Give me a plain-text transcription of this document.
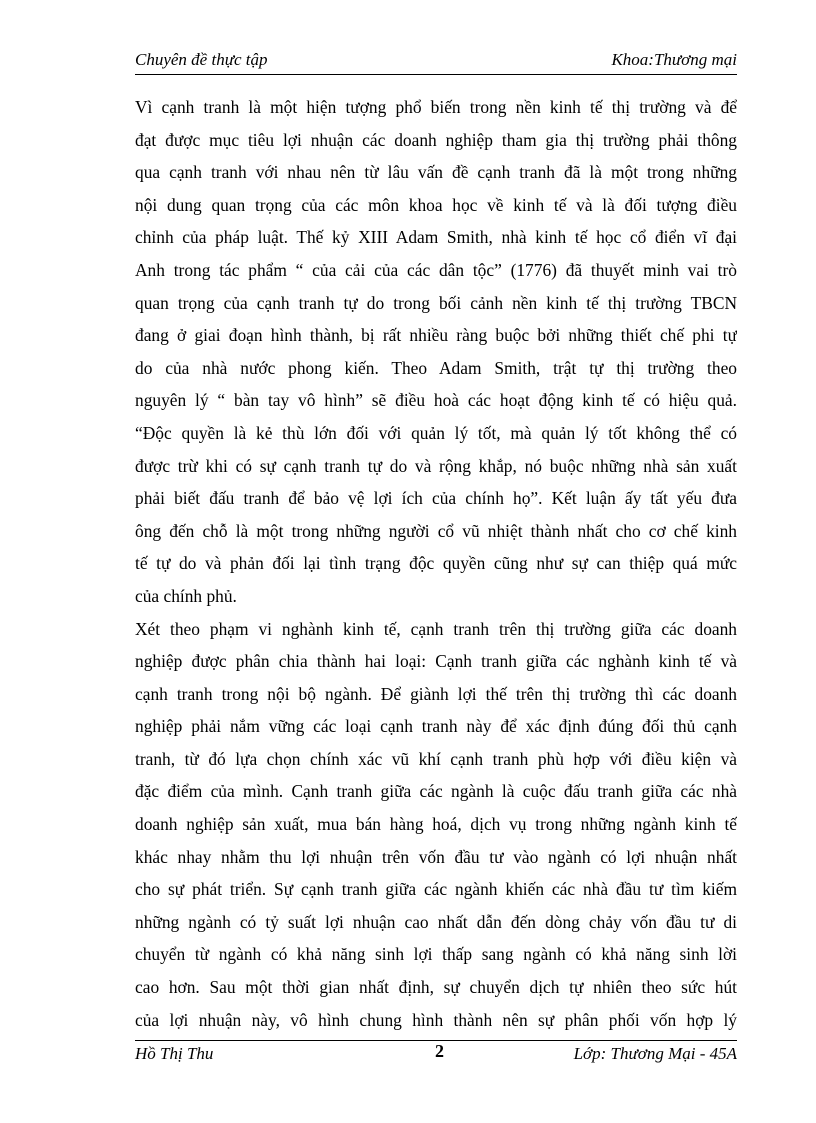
Chuyên đề thực tập	Khoa:Thương mại

Vì cạnh tranh là một hiện tượng phổ biến trong nền kinh tế thị trường và để
đạt được mục tiêu lợi nhuận các doanh nghiệp tham gia thị trường phải thông
qua cạnh tranh với nhau nên từ lâu vấn đề cạnh tranh đã là một trong những
nội dung quan trọng của các môn khoa học về kinh tế và là đối tượng điều
chỉnh của pháp luật. Thế kỷ XIII Adam Smith, nhà kinh tế học cổ điển vĩ đại
Anh trong tác phẩm “ của cải của các dân tộc” (1776) đã thuyết minh vai trò
quan trọng của cạnh tranh tự do trong bối cảnh nền kinh tế thị trường TBCN
đang ở giai đoạn hình thành, bị rất nhiều ràng buộc bởi những thiết chế phi tự
do của nhà nước phong kiến. Theo Adam Smith, trật tự thị trường theo
nguyên lý “ bàn tay vô hình” sẽ điều hoà các hoạt động kinh tế có hiệu quả.
“Độc quyền là kẻ thù lớn đối với quản lý tốt, mà quản lý tốt không thể có
được trừ khi có sự cạnh tranh tự do và rộng khắp, nó buộc những nhà sản xuất
phải biết đấu tranh để bảo vệ lợi ích của chính họ”. Kết luận ấy tất yếu đưa
ông đến chỗ là một trong những người cổ vũ nhiệt thành nhất cho cơ chế kinh
tế tự do và phản đối lại tình trạng độc quyền cũng như sự can thiệp quá mức
của chính phủ.

Xét theo phạm vi nghành kinh tế, cạnh tranh trên thị trường giữa các doanh
nghiệp được phân chia thành hai loại: Cạnh tranh giữa các nghành kinh tế và
cạnh tranh trong nội bộ ngành. Để giành lợi thế trên thị trường thì các doanh
nghiệp phải nắm vững các loại cạnh tranh này để xác định đúng đối thủ cạnh
tranh, từ đó lựa chọn chính xác vũ khí cạnh tranh phù hợp với điều kiện và
đặc điểm của mình. Cạnh tranh giữa các ngành là cuộc đấu tranh giữa các nhà
doanh nghiệp sản xuất, mua bán hàng hoá, dịch vụ trong những ngành kinh tế
khác nhay nhằm thu lợi nhuận trên vốn đầu tư vào ngành có lợi nhuận nhất
cho sự phát triển. Sự cạnh tranh giữa các ngành khiến các nhà đầu tư tìm kiếm
những ngành có tỷ suất lợi nhuận cao nhất dẫn đến dòng chảy vốn đầu tư di
chuyển từ ngành có khả năng sinh lợi thấp sang ngành có khả năng sinh lời
cao hơn. Sau một thời gian nhất định, sự chuyển dịch tự nhiên theo sức hút
của lợi nhuận này, vô hình chung hình thành nên sự phân phối vốn hợp lý

Hồ Thị Thu	2	Lớp: Thương Mại - 45A
